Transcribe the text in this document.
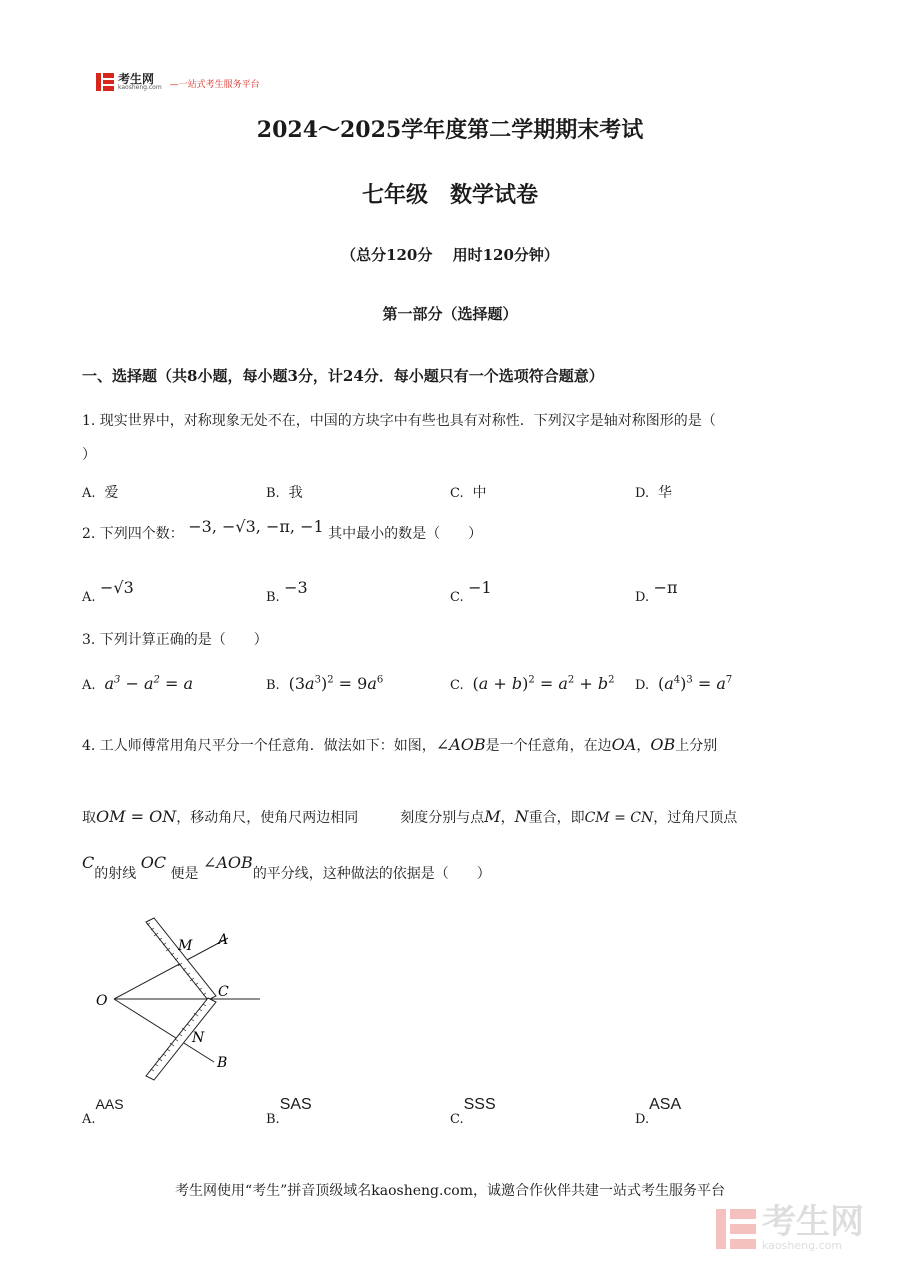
考生网
kaosheng.com —一站式考生服务平台
2024～2025学年度第二学期期末考试
七年级　数学试卷
（总分120分　 用时120分钟）
第一部分（选择题）
一、选择题（共8小题，每小题3分，计24分．每小题只有一个选项符合题意）
1. 现实世界中，对称现象无处不在，中国的方块字中有些也具有对称性．下列汉字是轴对称图形的是（
）
A. 爱	B. 我	C. 中	D. 华
2. 下列四个数： −3, −√3, −π, −1 其中最小的数是（　　）
A. −√3
B. −3
C. −1
D. −π
3. 下列计算正确的是（　　）
A. $a^3 - a^2 = a$	B. $(3a^3)^2 = 9a^6$	C. $(a + b)^2 = a^2 + b^2$ D. $(a^4)^3 = a^7$
4. 工人师傅常用角尺平分一个任意角．做法如下：如图，∠AOB是一个任意角，在边OA，OB上分别
取OM = ON，移动角尺，使角尺两边相同　　　刻度分别与点M，N重合，即CM = CN，过角尺顶点
C的射线 OC 便是 ∠AOB的平分线，这种做法的依据是（　　）
O
A
M
C
N
B
A.AAS
B.SAS
C.SSS
D.ASA
考生网使用“考生”拼音顶级域名kaosheng.com，诚邀合作伙伴共建一站式考生服务平台
考生网
kaosheng.com
